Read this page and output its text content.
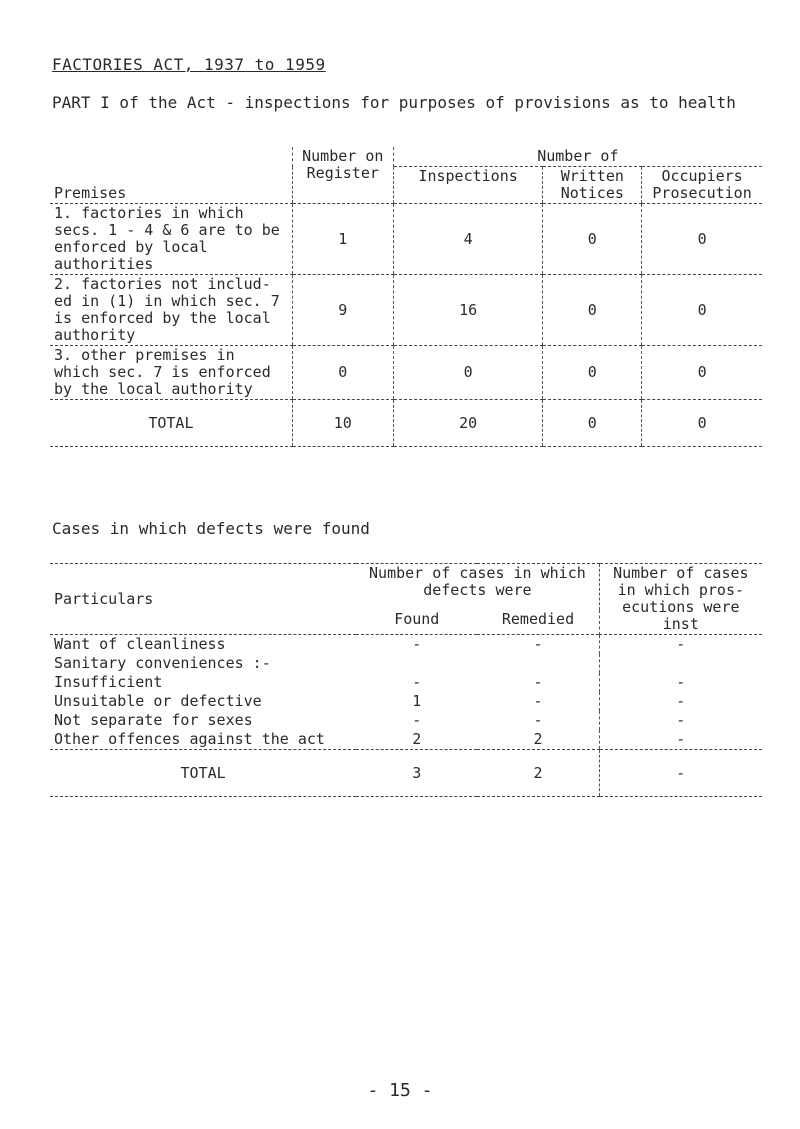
FACTORIES ACT, 1937 to 1959
PART I of the Act - inspections for purposes of provisions as to health
Premises	Number on Register	Number of		
		Inspections	Written Notices	Occupiers Prosecution
1. factories in which secs. 1 - 4 & 6 are to be enforced by local authorities	1	4	0	0
2. factories not includ- ed in (1) in which sec. 7 is enforced by the local authority	9	16	0	0
3. other premises in which sec. 7 is enforced by the local authority	0	0	0	0
TOTAL	10	20	0	0
Cases in which defects were found
Particulars	Number of cases in which defects were		Number of cases in which pros- ecutions were inst
	Found	Remedied	
Want of cleanliness	-	-	-
Sanitary conveniences :-			
Insufficient	-	-	-
Unsuitable or defective	1	-	-
Not separate for sexes	-	-	-
Other offences against the act	2	2	-
TOTAL	3	2	-
- 15 -
